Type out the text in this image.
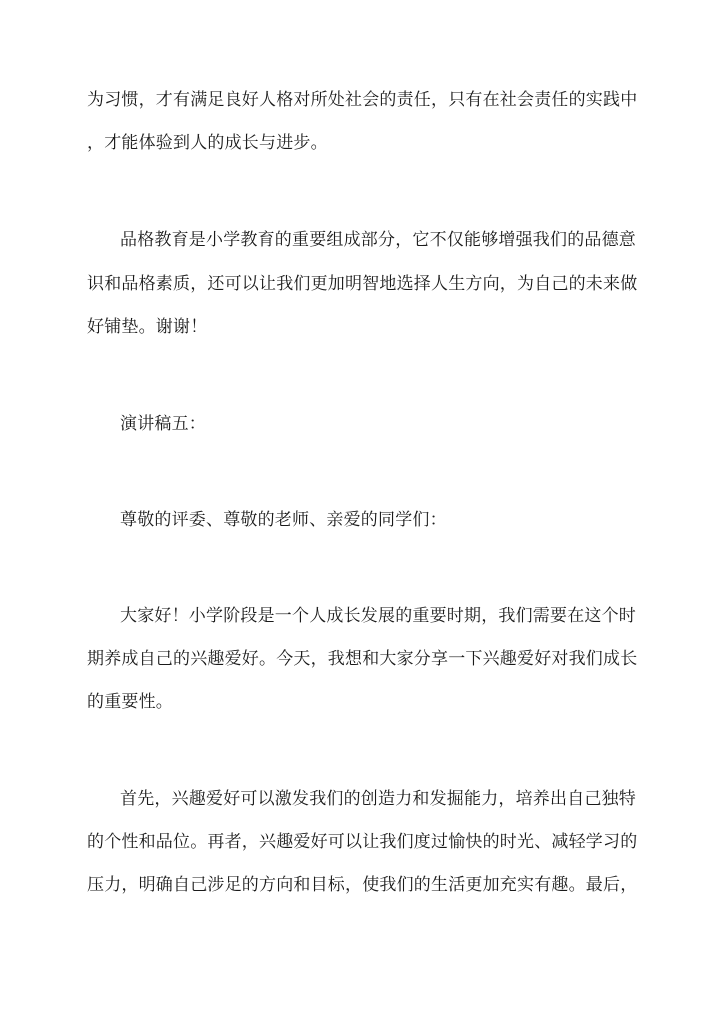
为习惯，才有满足良好人格对所处社会的责任，只有在社会责任的实践中
，才能体验到人的成长与进步。
品格教育是小学教育的重要组成部分，它不仅能够增强我们的品德意
识和品格素质，还可以让我们更加明智地选择人生方向，为自己的未来做
好铺垫。谢谢！
演讲稿五：
尊敬的评委、尊敬的老师、亲爱的同学们：
大家好！小学阶段是一个人成长发展的重要时期，我们需要在这个时
期养成自己的兴趣爱好。今天，我想和大家分享一下兴趣爱好对我们成长
的重要性。
首先，兴趣爱好可以激发我们的创造力和发掘能力，培养出自己独特
的个性和品位。再者，兴趣爱好可以让我们度过愉快的时光、减轻学习的
压力，明确自己涉足的方向和目标，使我们的生活更加充实有趣。最后，
